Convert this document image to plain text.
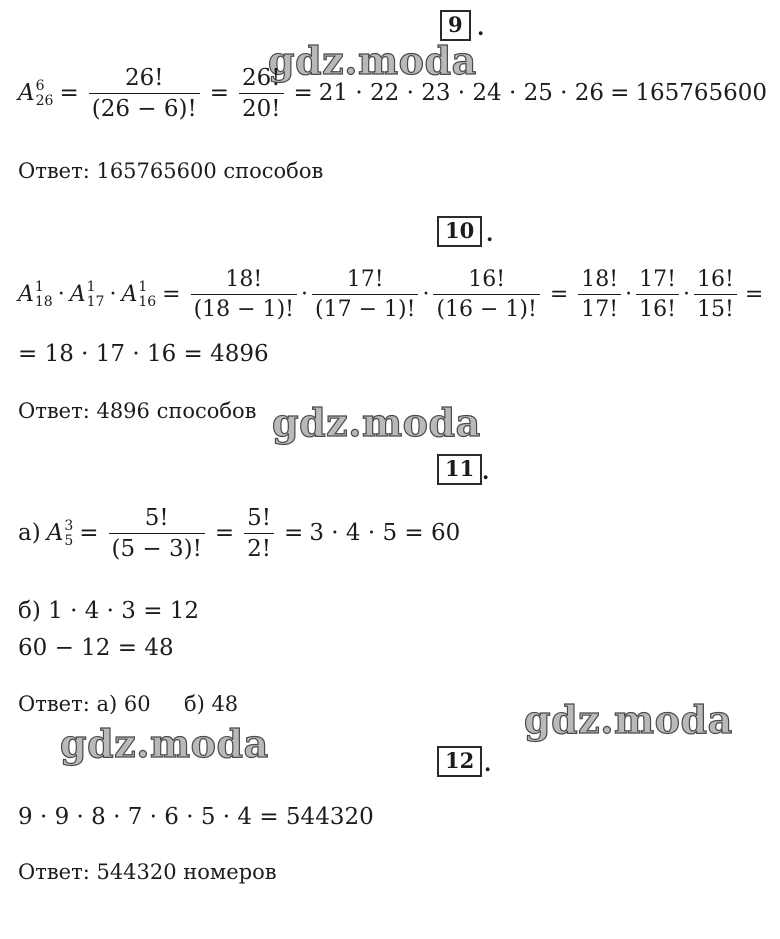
9 .
gdz.moda
A 6
$26 = \frac{26!}{(26 - 6)!} = \frac{26!}{20!} = 21 \cdot 22 \cdot 23 \cdot 24 \cdot 25 \cdot 26 = 165765600$
Ответ: 165765600 способов
10 .
A 1
18 · A 1
17 · A 1
$16 = \frac{18!}{(18 - 1)!} \cdot \frac{17!}{(17 - 1)!} \cdot \frac{16!}{(16 - 1)!} = \frac{18!}{17!} \cdot \frac{17!}{16!} \cdot \frac{16!}{15!}$ =
= 18 · 17 · 16 = 4896
Ответ: 4896 способов gdz.moda
11 .
а) A 3
$5 = \frac{5!}{(5 - 3)!} = \frac{5!}{2!} = 3 \cdot 4 \cdot 5 = 60$
б) 1 · 4 · 3 = 12
60 − 12 = 48
Ответ: а) 60     б) 48	gdz.moda
gdz.moda	12 .
9 · 9 · 8 · 7 · 6 · 5 · 4 = 544320
Ответ: 544320 номеров
